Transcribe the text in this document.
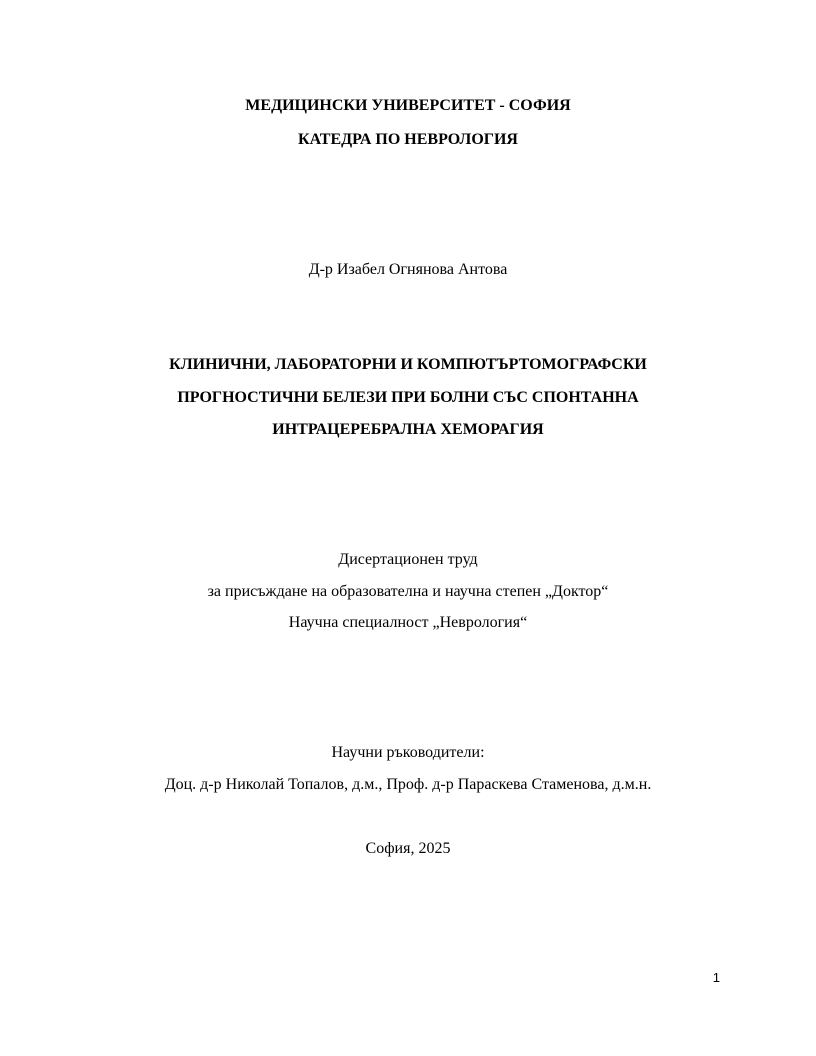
МЕДИЦИНСКИ УНИВЕРСИТЕТ - СОФИЯ
КАТЕДРА ПО НЕВРОЛОГИЯ
Д-р Изабел Огнянова Антова
КЛИНИЧНИ, ЛАБОРАТОРНИ И КОМПЮТЪРТОМОГРАФСКИ
ПРОГНОСТИЧНИ БЕЛЕЗИ ПРИ БОЛНИ СЪС СПОНТАННА
ИНТРАЦЕРЕБРАЛНА ХЕМОРАГИЯ
Дисертационен труд
за присъждане на образователна и научна степен „Доктор“
Научна специалност „Неврология“
Научни ръководители:
Доц. д-р Николай Топалов, д.м., Проф. д-р Параскева Стаменова, д.м.н.
София, 2025
1
